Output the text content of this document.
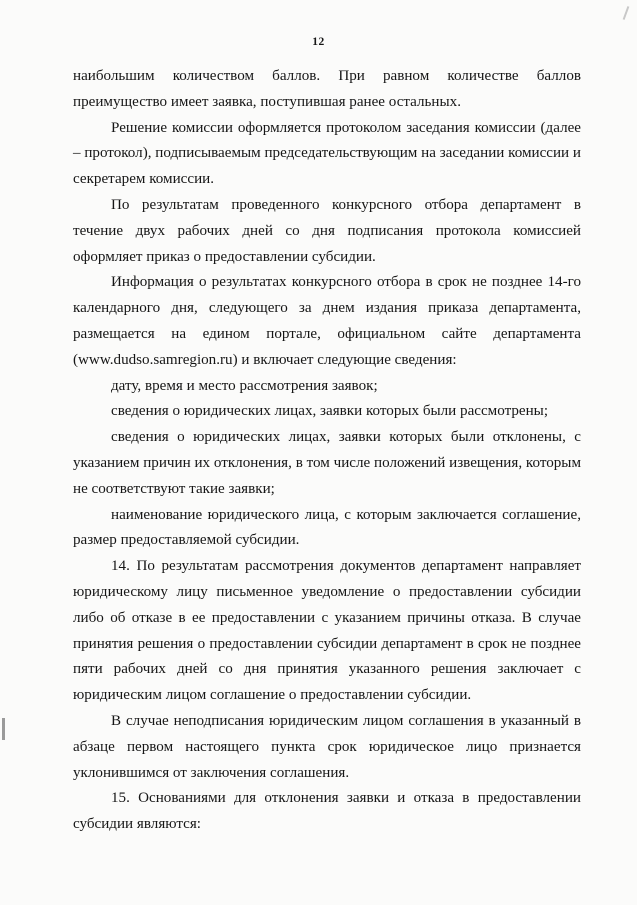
12

наибольшим количеством баллов. При равном количестве баллов преимущество имеет заявка, поступившая ранее остальных.

Решение комиссии оформляется протоколом заседания комиссии (далее – протокол), подписываемым председательствующим на заседании комиссии и секретарем комиссии.

По результатам проведенного конкурсного отбора департамент в течение двух рабочих дней со дня подписания протокола комиссией оформляет приказ о предоставлении субсидии.

Информация о результатах конкурсного отбора в срок не позднее 14-го календарного дня, следующего за днем издания приказа департамента, размещается на едином портале, официальном сайте департамента (www.dudso.samregion.ru) и включает следующие сведения:

дату, время и место рассмотрения заявок;

сведения о юридических лицах, заявки которых были рассмотрены;

сведения о юридических лицах, заявки которых были отклонены, с указанием причин их отклонения, в том числе положений извещения, которым не соответствуют такие заявки;

наименование юридического лица, с которым заключается соглашение, размер предоставляемой субсидии.

14. По результатам рассмотрения документов департамент направляет юридическому лицу письменное уведомление о предоставлении субсидии либо об отказе в ее предоставлении с указанием причины отказа. В случае принятия решения о предоставлении субсидии департамент в срок не позднее пяти рабочих дней со дня принятия указанного решения заключает с юридическим лицом соглашение о предоставлении субсидии.

В случае неподписания юридическим лицом соглашения в указанный в абзаце первом настоящего пункта срок юридическое лицо признается уклонившимся от заключения соглашения.

15. Основаниями для отклонения заявки и отказа в предоставлении субсидии являются:
